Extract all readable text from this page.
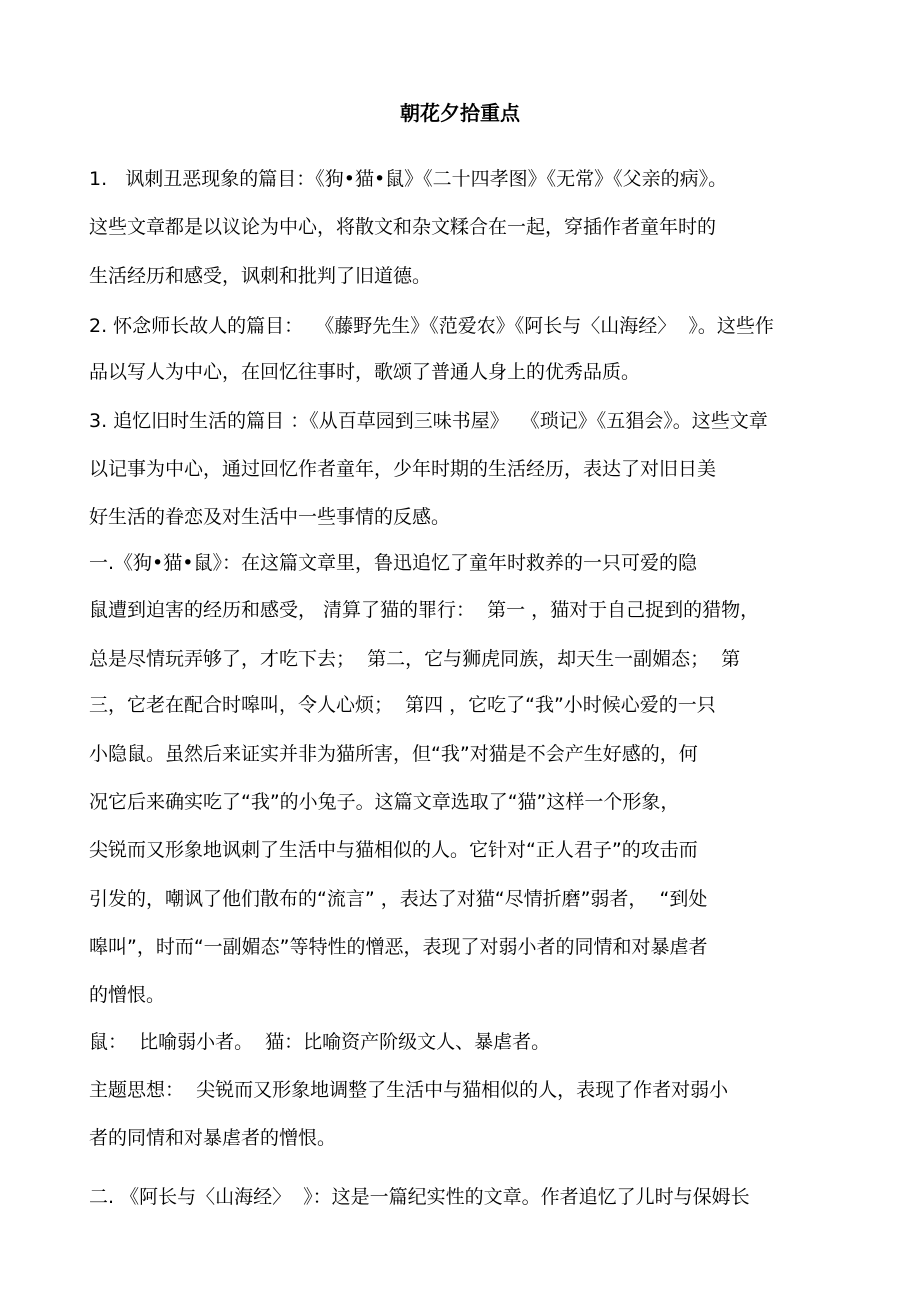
朝花夕拾重点
1.   讽刺丑恶现象的篇目：《狗•猫•鼠》《二十四孝图》《无常》《父亲的病》。
这些文章都是以议论为中心，将散文和杂文糅合在一起，穿插作者童年时的
生活经历和感受，讽刺和批判了旧道德。
2. 怀念师长故人的篇目：  《藤野先生》《范爱农》《阿长与〈山海经〉  》。这些作
品以写人为中心，在回忆往事时，歌颂了普通人身上的优秀品质。
3. 追忆旧时生活的篇目 ：《从百草园到三味书屋》  《琐记》《五猖会》。这些文章
以记事为中心，通过回忆作者童年，少年时期的生活经历，表达了对旧日美
好生活的眷恋及对生活中一些事情的反感。
一.《狗•猫•鼠》：在这篇文章里，鲁迅追忆了童年时救养的一只可爱的隐
鼠遭到迫害的经历和感受， 清算了猫的罪行：  第一 ，猫对于自己捉到的猎物，
总是尽情玩弄够了，才吃下去；  第二，它与狮虎同族，却天生一副媚态；  第
三，它老在配合时嗥叫，令人心烦；  第四 ，它吃了“我”小时候心爱的一只
小隐鼠。虽然后来证实并非为猫所害，但“我”对猫是不会产生好感的，何
况它后来确实吃了“我”的小兔子。这篇文章选取了“猫”这样一个形象，
尖锐而又形象地讽刺了生活中与猫相似的人。它针对“正人君子”的攻击而
引发的，嘲讽了他们散布的“流言” ，表达了对猫“尽情折磨”弱者，  “到处
嗥叫”，时而“一副媚态”等特性的憎恶，表现了对弱小者的同情和对暴虐者
的憎恨。
鼠：  比喻弱小者。  猫：比喻资产阶级文人、暴虐者。
主题思想：  尖锐而又形象地调整了生活中与猫相似的人，表现了作者对弱小
者的同情和对暴虐者的憎恨。
二. 《阿长与〈山海经〉  》：这是一篇纪实性的文章。作者追忆了儿时与保姆长
